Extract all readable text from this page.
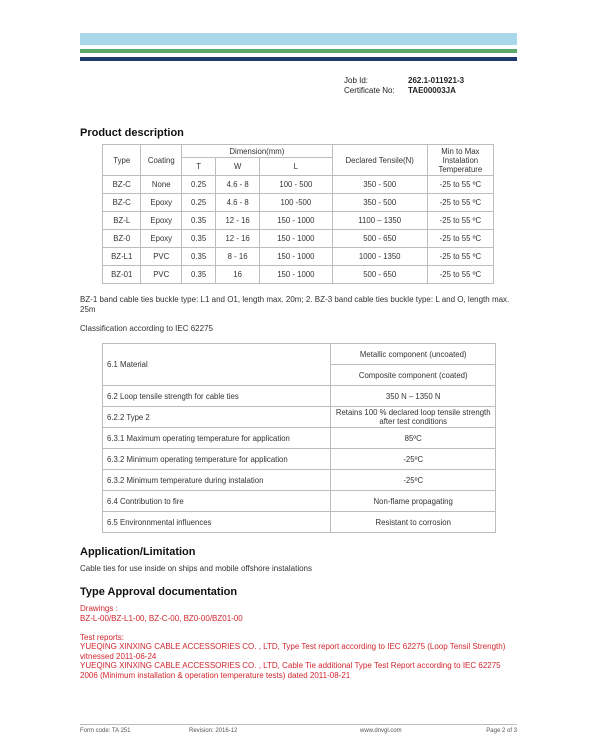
Job Id:	262.1-011921-3
Certificate No:	TAE00003JA
Product description
Type	Coating	Dimension(mm)			Declared Tensile(N)	Min to Max Instalation Temperature
		T	W	L		
BZ-C	None	0.25	4.6 - 8	100 - 500	350 - 500	-25 to 55 ºC
BZ-C	Epoxy	0.25	4.6 - 8	100 -500	350 - 500	-25 to 55 ºC
BZ-L	Epoxy	0.35	12 - 16	150 - 1000	1100 – 1350	-25 to 55 ºC
BZ-0	Epoxy	0.35	12 - 16	150 - 1000	500 - 650	-25 to 55 ºC
BZ-L1	PVC	0.35	8 - 16	150 - 1000	1000 - 1350	-25 to 55 ºC
BZ-01	PVC	0.35	16	150 - 1000	500 - 650	-25 to 55 ºC
BZ-1 band cable ties buckle type: L1 and O1, length max. 20m; 2. BZ-3 band cable ties buckle type: L and O, length max. 25m
Classification according to IEC 62275
6.1 Material	Metallic component (uncoated)
	Composite component (coated)
6.2 Loop tensile strength for cable ties	350 N – 1350 N
6.2.2 Type 2	Retains 100 % declared loop tensile strength after test conditions
6.3.1 Maximum operating temperature for application	85ºC
6.3.2 Minimum operating temperature for application	-25ºC
6.3.2 Minimum temperature during instalation	-25ºC
6.4 Contribution to fire	Non-flame propagating
6.5 Environnmental influences	Resistant to corrosion
Application/Limitation
Cable ties for use inside on ships and mobile offshore instalations
Type Approval documentation
Drawings :
BZ-L-00/BZ-L1-00, BZ-C-00, BZ0-00/BZ01-00
Test reports:
YUEQING XINXING CABLE ACCESSORIES CO. , LTD, Type Test report according to IEC 62275 (Loop Tensil Strength) vitnessed 2011-06-24
YUEQING XINXING CABLE ACCESSORIES CO. , LTD, Cable Tie additional Type Test Report according to IEC 62275 2006 (Minimum installation & operation temperature tests) dated 2011-08-21
Form code: TA 251	Revision: 2016-12	www.dnvgl.com	Page 2 of 3
